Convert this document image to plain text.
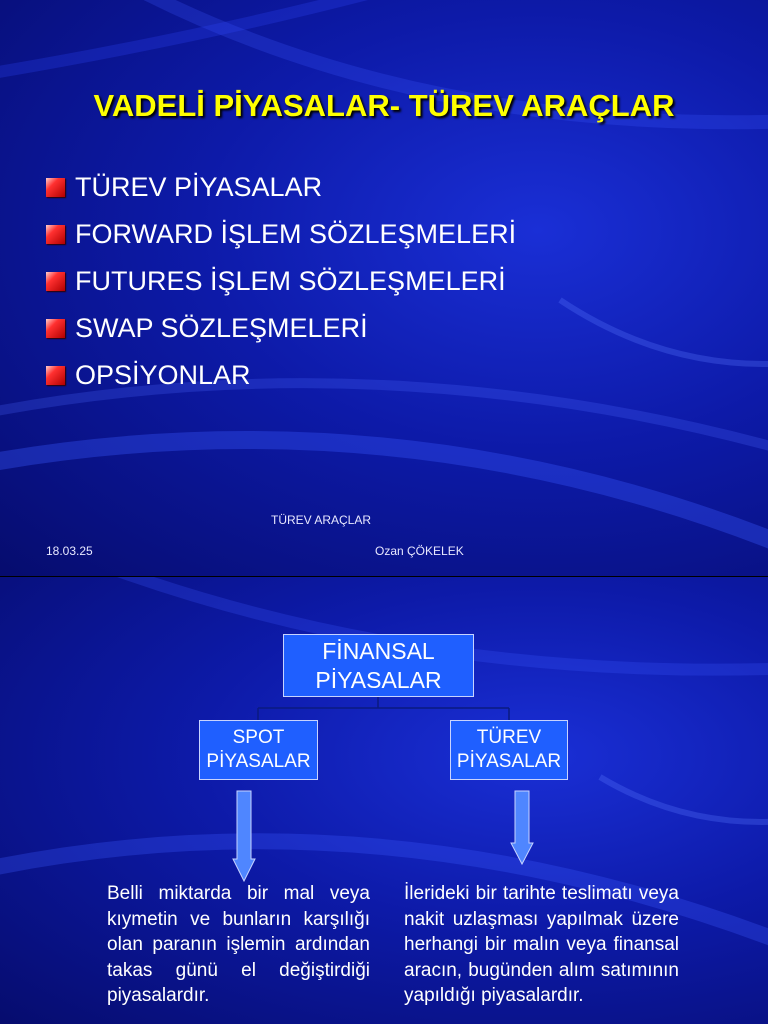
VADELİ PİYASALAR- TÜREV ARAÇLAR
TÜREV PİYASALAR
FORWARD İŞLEM SÖZLEŞMELERİ
FUTURES İŞLEM SÖZLEŞMELERİ
SWAP SÖZLEŞMELERİ
OPSİYONLAR
TÜREV ARAÇLAR
18.03.25	Ozan ÇÖKELEK
FİNANSAL
PİYASALAR
SPOT
PİYASALAR
TÜREV
PİYASALAR
Belli miktarda bir mal veya kıymetin ve bunların karşılığı olan paranın işlemin ardından takas günü el değiştirdiği piyasalardır.
İlerideki bir tarihte teslimatı veya nakit uzlaşması yapılmak üzere herhangi bir malın veya finansal aracın, bugünden alım satımının yapıldığı piyasalardır.
